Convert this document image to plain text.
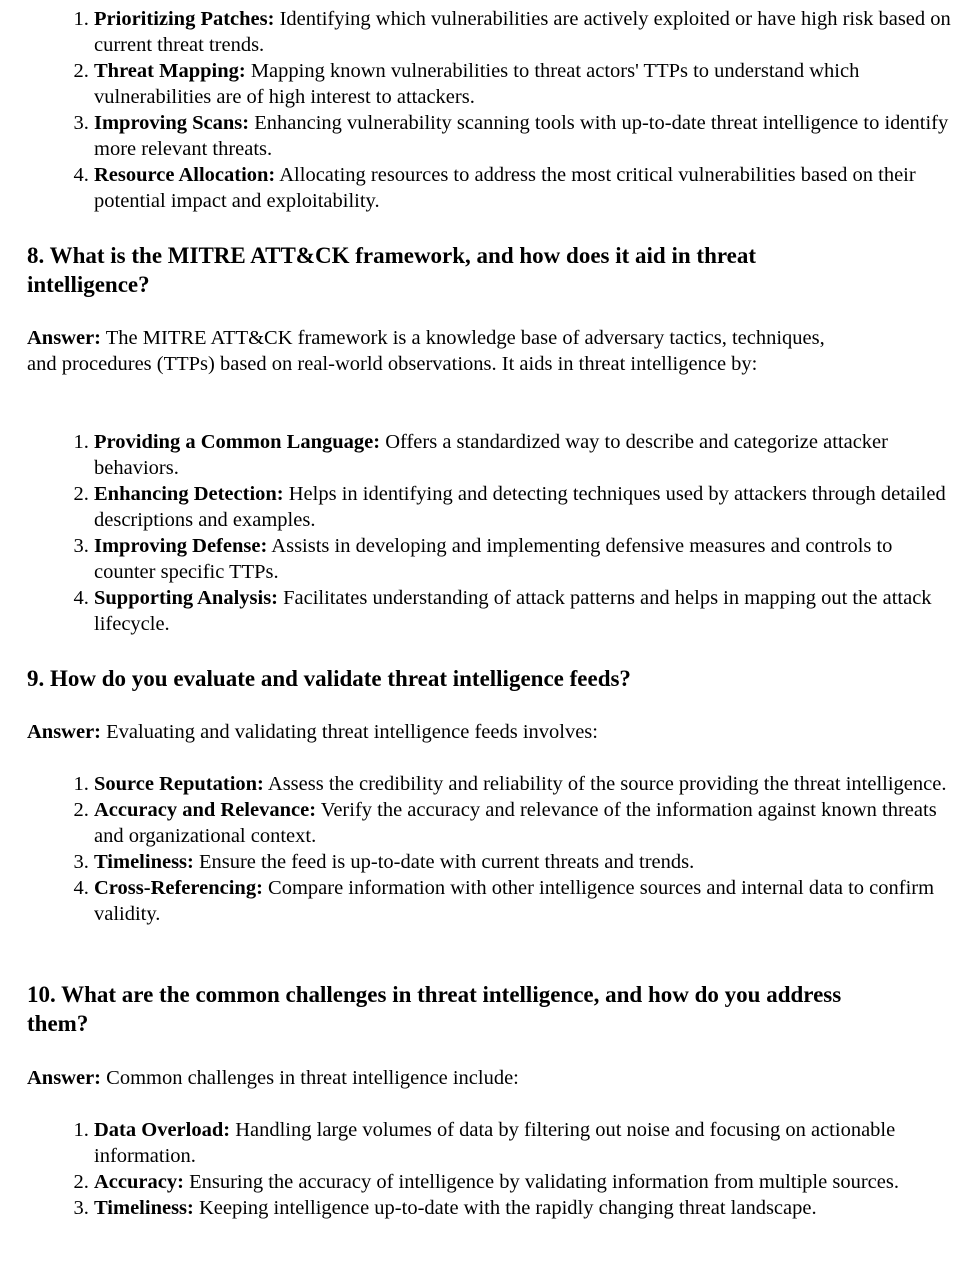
1. Prioritizing Patches: Identifying which vulnerabilities are actively exploited or have high risk based on current threat trends.
2. Threat Mapping: Mapping known vulnerabilities to threat actors' TTPs to understand which vulnerabilities are of high interest to attackers.
3. Improving Scans: Enhancing vulnerability scanning tools with up-to-date threat intelligence to identify more relevant threats.
4. Resource Allocation: Allocating resources to address the most critical vulnerabilities based on their potential impact and exploitability.
8. What is the MITRE ATT&CK framework, and how does it aid in threat intelligence?

Answer: The MITRE ATT&CK framework is a knowledge base of adversary tactics, techniques, and procedures (TTPs) based on real-world observations. It aids in threat intelligence by:

1. Providing a Common Language: Offers a standardized way to describe and categorize attacker behaviors.
2. Enhancing Detection: Helps in identifying and detecting techniques used by attackers through detailed descriptions and examples.
3. Improving Defense: Assists in developing and implementing defensive measures and controls to counter specific TTPs.
4. Supporting Analysis: Facilitates understanding of attack patterns and helps in mapping out the attack lifecycle.
9. How do you evaluate and validate threat intelligence feeds?

Answer: Evaluating and validating threat intelligence feeds involves:

1. Source Reputation: Assess the credibility and reliability of the source providing the threat intelligence.
2. Accuracy and Relevance: Verify the accuracy and relevance of the information against known threats and organizational context.
3. Timeliness: Ensure the feed is up-to-date with current threats and trends.
4. Cross-Referencing: Compare information with other intelligence sources and internal data to confirm validity.
10. What are the common challenges in threat intelligence, and how do you address them?

Answer: Common challenges in threat intelligence include:

1. Data Overload: Handling large volumes of data by filtering out noise and focusing on actionable information.
2. Accuracy: Ensuring the accuracy of intelligence by validating information from multiple sources.
3. Timeliness: Keeping intelligence up-to-date with the rapidly changing threat landscape.
